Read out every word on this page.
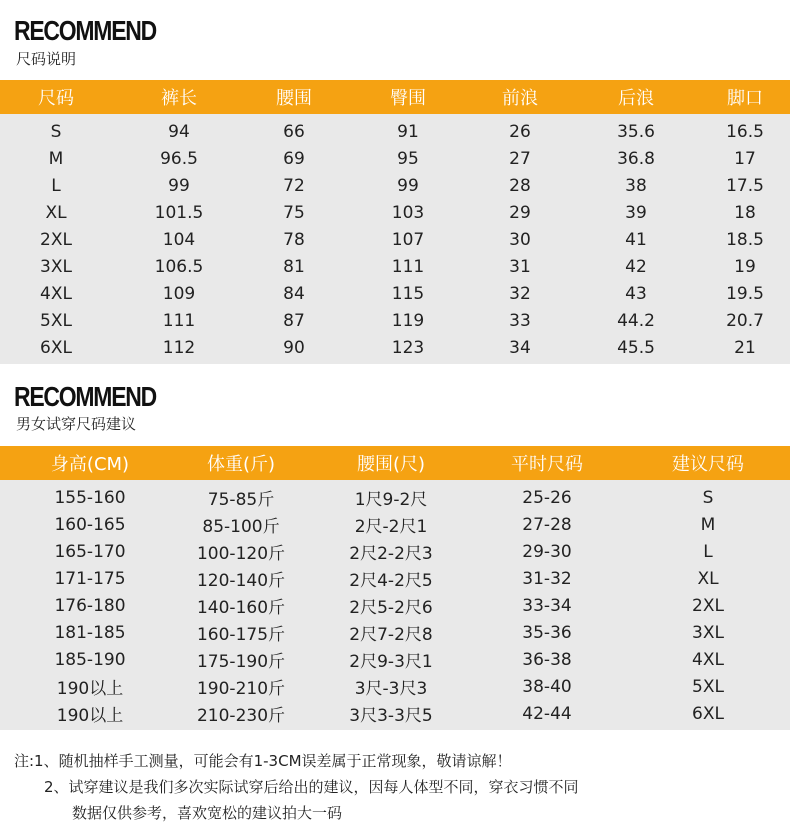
RECOMMEND
尺码说明
尺码	裤长	腰围	臀围	前浪	后浪	脚口
S	94	66	91	26	35.6	16.5
M	96.5	69	95	27	36.8	17
L	99	72	99	28	38	17.5
XL	101.5	75	103	29	39	18
2XL	104	78	107	30	41	18.5
3XL	106.5	81	111	31	42	19
4XL	109	84	115	32	43	19.5
5XL	111	87	119	33	44.2	20.7
6XL	112	90	123	34	45.5	21
RECOMMEND
男女试穿尺码建议
身高(CM)	体重(斤)	腰围(尺)	平时尺码	建议尺码
155-160	75-85斤	1尺9-2尺	25-26	S
160-165	85-100斤	2尺-2尺1	27-28	M
165-170	100-120斤	2尺2-2尺3	29-30	L
171-175	120-140斤	2尺4-2尺5	31-32	XL
176-180	140-160斤	2尺5-2尺6	33-34	2XL
181-185	160-175斤	2尺7-2尺8	35-36	3XL
185-190	175-190斤	2尺9-3尺1	36-38	4XL
190以上	190-210斤	3尺-3尺3	38-40	5XL
190以上	210-230斤	3尺3-3尺5	42-44	6XL
注:1、随机抽样手工测量，可能会有1-3CM误差属于正常现象，敬请谅解！
2、试穿建议是我们多次实际试穿后给出的建议，因每人体型不同，穿衣习惯不同
数据仅供参考，喜欢宽松的建议拍大一码
